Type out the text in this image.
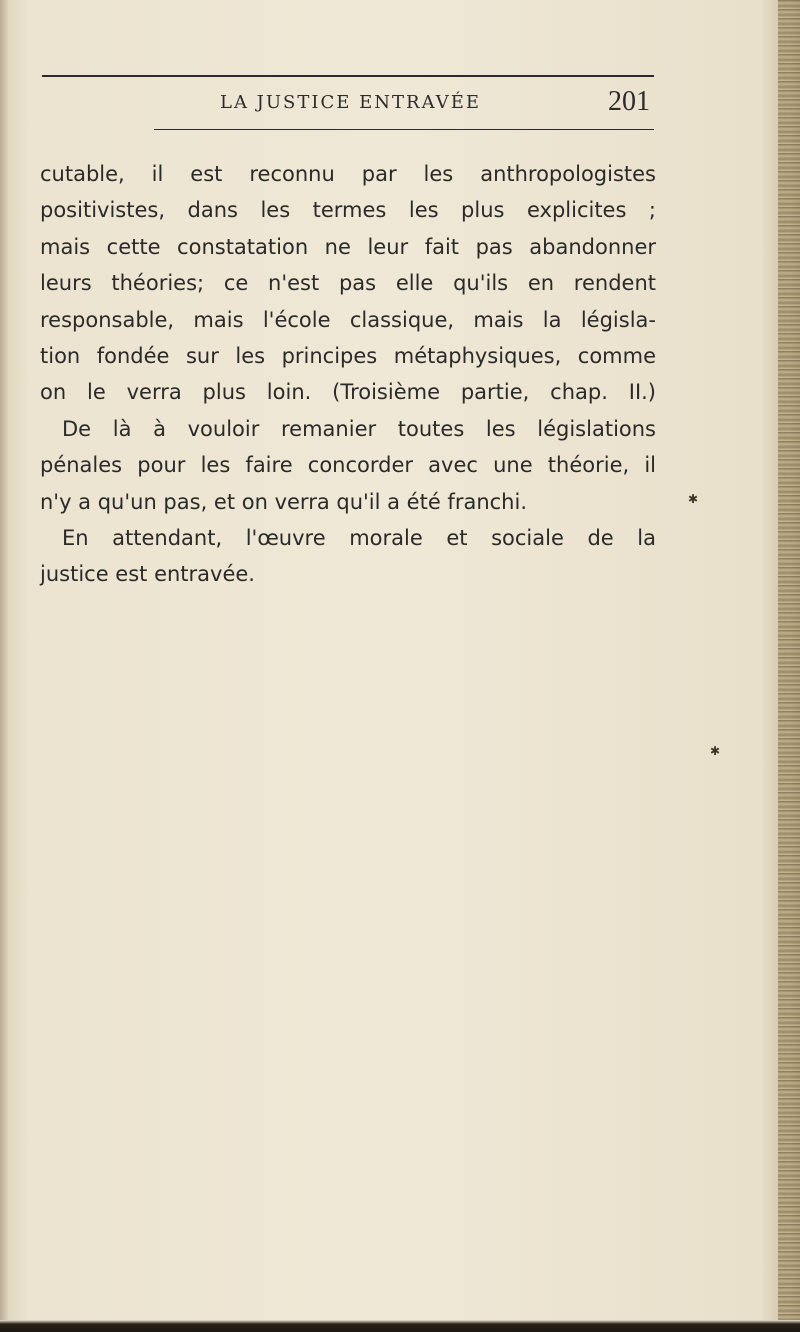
LA JUSTICE ENTRAVÉE	201
cutable, il est reconnu par les anthropologistes
positivistes, dans les termes les plus explicites ;
mais cette constatation ne leur fait pas abandonner
leurs théories; ce n'est pas elle qu'ils en rendent
responsable, mais l'école classique, mais la législa-
tion fondée sur les principes métaphysiques, comme
on le verra plus loin. (Troisième partie, chap. II.)
De là à vouloir remanier toutes les législations
pénales pour les faire concorder avec une théorie, il
n'y a qu'un pas, et on verra qu'il a été franchi.
En attendant, l'œuvre morale et sociale de la
justice est entravée.
✱
✱
